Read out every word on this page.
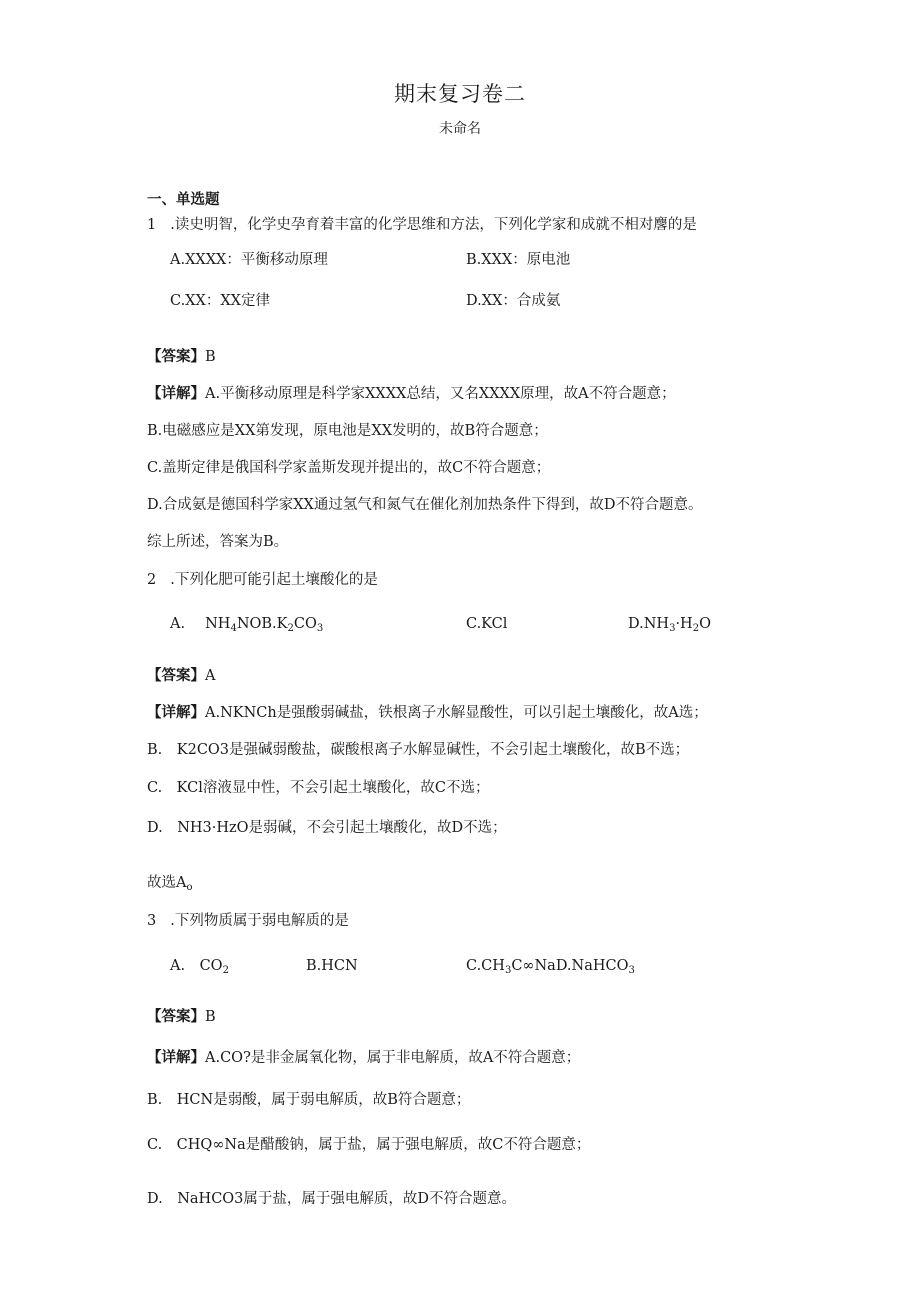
期末复习卷二
未命名
一、单选题
1 .读史明智，化学史孕育着丰富的化学思维和方法，下列化学家和成就不相对麐的是
A.XXXX：平衡移动原理	B.XXX：原电池
C.XX：XX定律	D.XX：合成氨
【答案】B
【详解】A.平衡移动原理是科学家XXXX总结，又名XXXX原理，故A不符合题意；
B.电磁感应是XX第发现，原电池是XX发明的，故B符合题意；
C.盖斯定律是俄国科学家盖斯发现并提出的，故C不符合题意；
D.合成氨是德国科学家XX通过氢气和氮气在催化剂加热条件下得到，故D不符合题意。
综上所述，答案为B。
2 .下列化肥可能引起土壤酸化的是
A. $NH_4NOB.K_2CO_3$	C.KCl	$D.NH_3\cdot H_2O$
【答案】A
【详解】A.NKNCh是强酸弱碱盐，铁根离子水解显酸性，可以引起土壤酸化，故A选；
B.　K2CO3是强碱弱酸盐，碳酸根离子水解显碱性，不会引起土壤酸化，故B不选；
C.　KCl溶液显中性，不会引起土壤酸化，故C不选；
D.　NH3·HzO是弱碱，不会引起土壤酸化，故D不选；
故选$A_o$
3 .下列物质属于弱电解质的是
A.　$CO_2$	B.HCN	$C.CH_3C\infty NaD.NaHCO_3$
【答案】B
【详解】A.CO?是非金属氧化物，属于非电解质，故A不符合题意；
B.　HCN是弱酸，属于弱电解质，故B符合题意；
C.　CHQ∞Na是醋酸钠，属于盐，属于强电解质，故C不符合题意；
D.　NaHCO3属于盐，属于强电解质，故D不符合题意。
